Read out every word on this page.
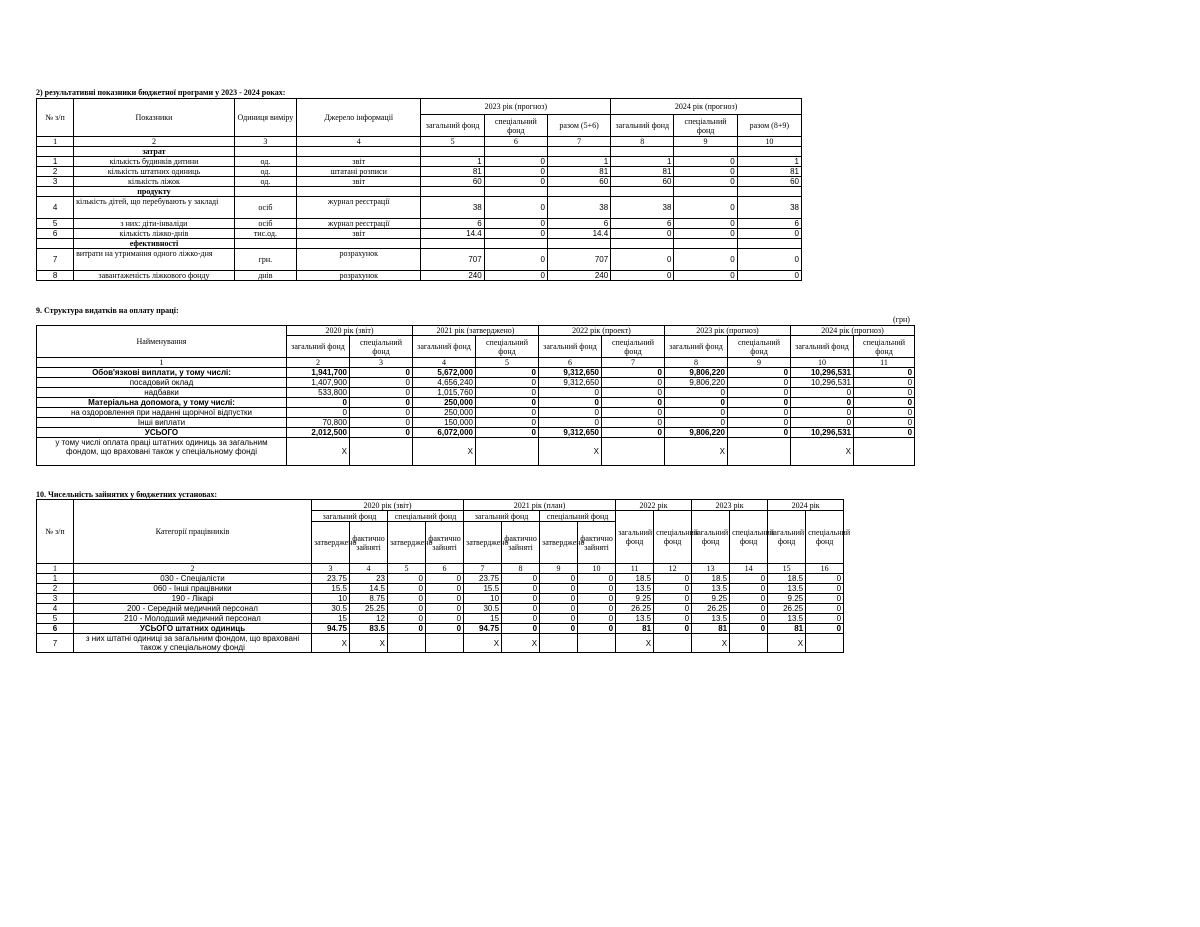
2) результативні показники бюджетної програми у 2023 - 2024 роках:
№ з/п	Показники	Одиниця виміру	Джерело інформації	2023 рік (прогноз)			2024 рік (прогноз)		
				загальний фонд	спеціальний фонд	разом (5+6)	загальний фонд	спеціальний фонд	разом (8+9)
1	2	3	4	5	6	7	8	9	10
	затрат								
1	кількість будинків дитини	од.	звіт	1	0	1	1	0	1
2	кількість штатних одиниць	од.	штатані розписи	81	0	81	81	0	81
3	кількість ліжок	од.	звіт	60	0	60	60	0	60
	продукту								
4	кількість дітей, що перебувають у закладі	осіб	журнал реєстрації	38	0	38	38	0	38
5	з них: діти-інваліди	осіб	журнал реєстрації	6	0	6	6	0	6
6	кількість ліжко-днів	тис.од.	звіт	14.4	0	14.4	0	0	0
	ефективності								
7	витрати на утримання одного ліжко-дня	грн.	розрахунок	707	0	707	0	0	0
8	завантаженість ліжкового фонду	днів	розрахунок	240	0	240	0	0	0
9. Структура видатків на оплату праці:
(грн)
Найменування	2020 рік (звіт)		2021 рік (затверджено)		2022 рік (проект)		2023 рік (прогноз)		2024 рік (прогноз)	
	загальний фонд	спеціальний фонд	загальний фонд	спеціальний фонд	загальний фонд	спеціальний фонд	загальний фонд	спеціальний фонд	загальний фонд	спеціальний фонд
1	2	3	4	5	6	7	8	9	10	11
Обов'язкові виплати, у тому числі:	1,941,700	0	5,672,000	0	9,312,650	0	9,806,220	0	10,296,531	0
посадовий оклад	1,407,900	0	4,656,240	0	9,312,650	0	9,806,220	0	10,296,531	0
надбавки	533,800	0	1,015,760	0	0	0	0	0	0	0
Матеріальна допомога, у тому числі:	0	0	250,000	0	0	0	0	0	0	0
на оздоровлення при наданні щорічної відпустки	0	0	250,000	0	0	0	0	0	0	0
Інші виплати	70,800	0	150,000	0	0	0	0	0	0	0
УСЬОГО	2,012,500	0	6,072,000	0	9,312,650	0	9,806,220	0	10,296,531	0
у тому числі оплата праці штатних одиниць за загальним фондом, що враховані також у спеціальному фонді	X		X		X		X		X	
10. Чисельність зайнятих у бюджетних установах:
№ з/п	Категорії працівників	2020 рік (звіт)				2021 рік (план)				2022 рік		2023 рік		2024 рік	
		загальний фонд		спеціальний фонд		загальний фонд		спеціальний фонд		загальний фонд	спеціальний фонд	загальний фонд	спеціальний фонд	загальний фонд	спеціальний фонд
		затверджено	фактично зайняті	затверджено	фактично зайняті	затверджено	фактично зайняті	затверджено	фактично зайняті						
1	2	3	4	5	6	7	8	9	10	11	12	13	14	15	16
1	030 - Спеціалісти	23.75	23	0	0	23.75	0	0	0	18.5	0	18.5	0	18.5	0
2	060 - Інші працівники	15.5	14.5	0	0	15.5	0	0	0	13.5	0	13.5	0	13.5	0
3	190 - Лікарі	10	8.75	0	0	10	0	0	0	9.25	0	9.25	0	9.25	0
4	200 - Середній медичний персонал	30.5	25.25	0	0	30.5	0	0	0	26.25	0	26.25	0	26.25	0
5	210 - Молодший медичний персонал	15	12	0	0	15	0	0	0	13.5	0	13.5	0	13.5	0
6	УСЬОГО штатних одиниць	94.75	83.5	0	0	94.75	0	0	0	81	0	81	0	81	0
7	з них штатні одиниці за загальним фондом, що враховані також у спеціальному фонді	X	X			X	X			X		X		X	
